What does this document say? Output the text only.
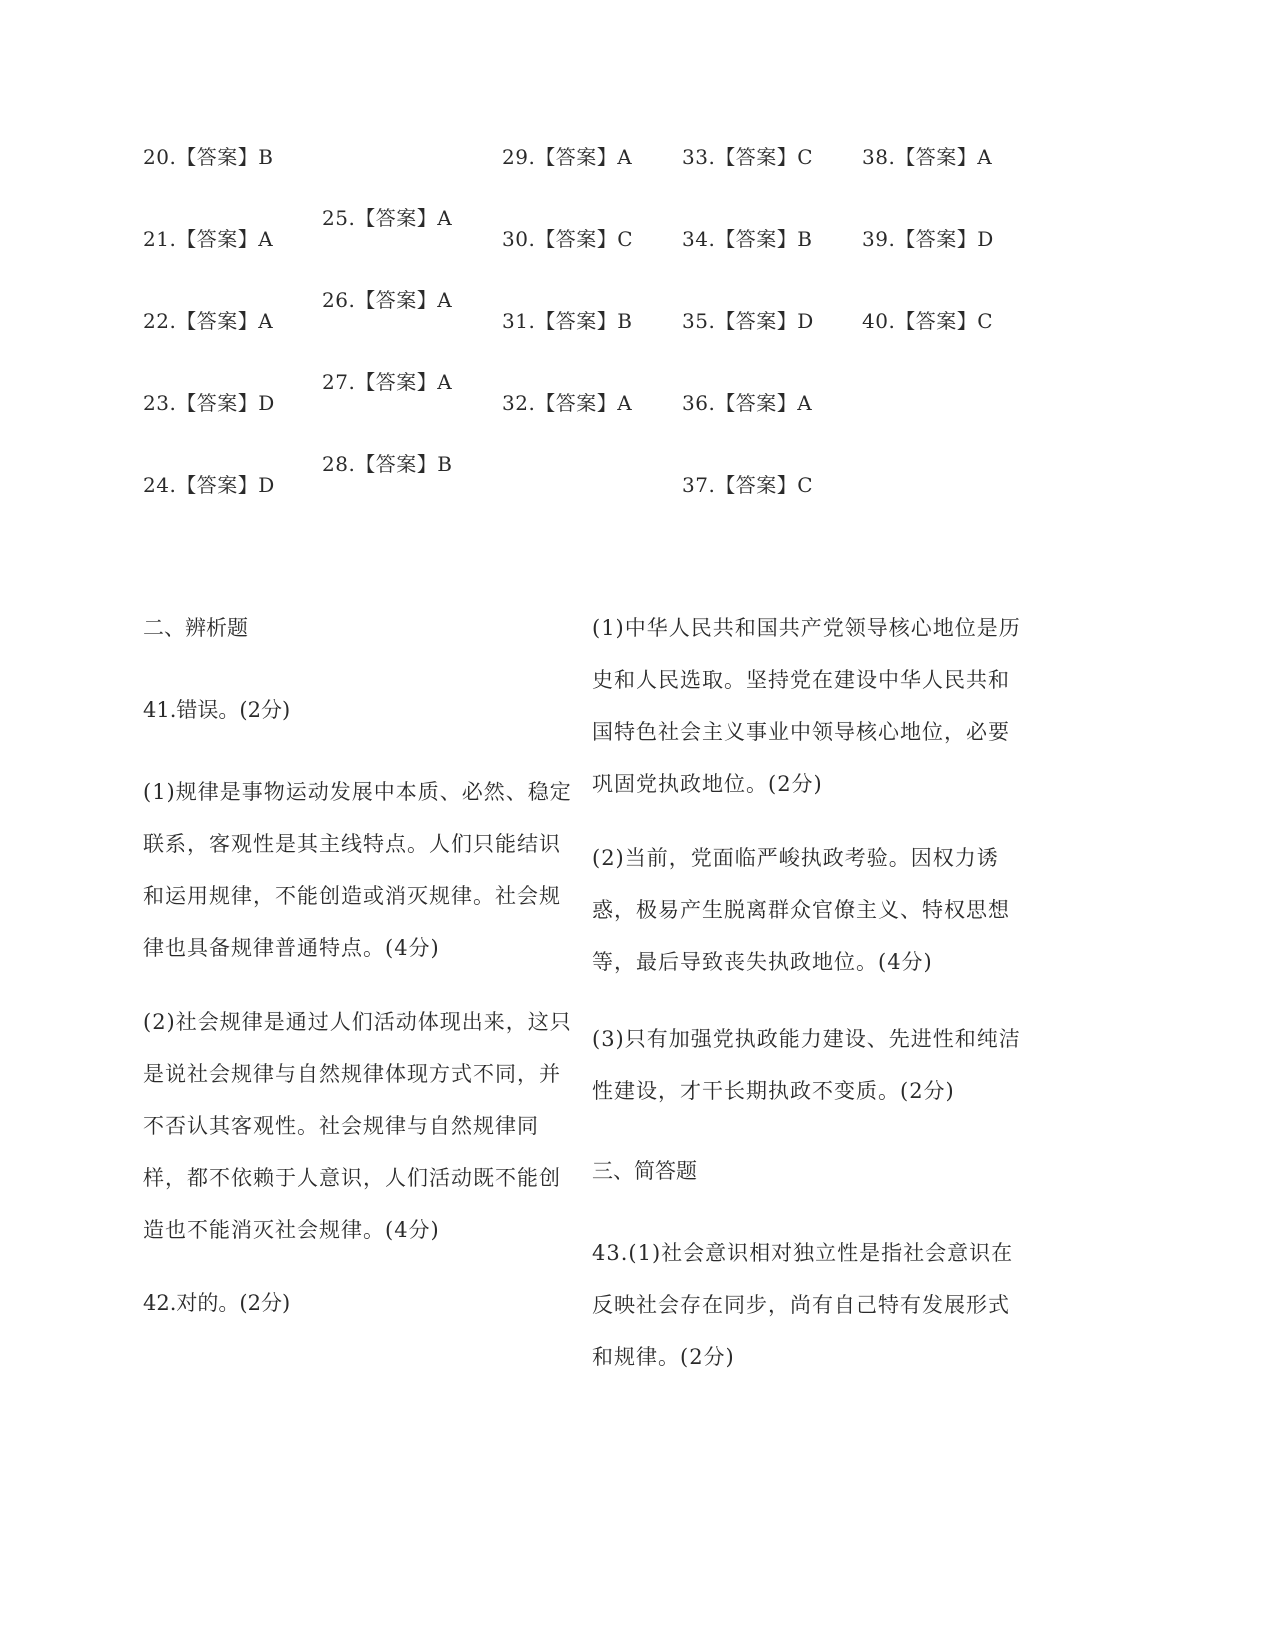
20.【答案】B
21.【答案】A
22.【答案】A
23.【答案】D
24.【答案】D
25.【答案】A
26.【答案】A
27.【答案】A
28.【答案】B
29.【答案】A
30.【答案】C
31.【答案】B
32.【答案】A
33.【答案】C
34.【答案】B
35.【答案】D
36.【答案】A
37.【答案】C
38.【答案】A
39.【答案】D
40.【答案】C
二、辨析题
41.错误。(2分)
(1)规律是事物运动发展中本质、必然、稳定联系，客观性是其主线特点。人们只能结识和运用规律，不能创造或消灭规律。社会规律也具备规律普通特点。(4分)
(2)社会规律是通过人们活动体现出来，这只是说社会规律与自然规律体现方式不同，并不否认其客观性。社会规律与自然规律同样，都不依赖于人意识，人们活动既不能创造也不能消灭社会规律。(4分)
42.对的。(2分)
(1)中华人民共和国共产党领导核心地位是历史和人民选取。坚持党在建设中华人民共和国特色社会主义事业中领导核心地位，必要巩固党执政地位。(2分)
(2)当前，党面临严峻执政考验。因权力诱惑，极易产生脱离群众官僚主义、特权思想等，最后导致丧失执政地位。(4分)
(3)只有加强党执政能力建设、先进性和纯洁性建设，才干长期执政不变质。(2分)
三、简答题
43.(1)社会意识相对独立性是指社会意识在反映社会存在同步，尚有自己特有发展形式和规律。(2分)
